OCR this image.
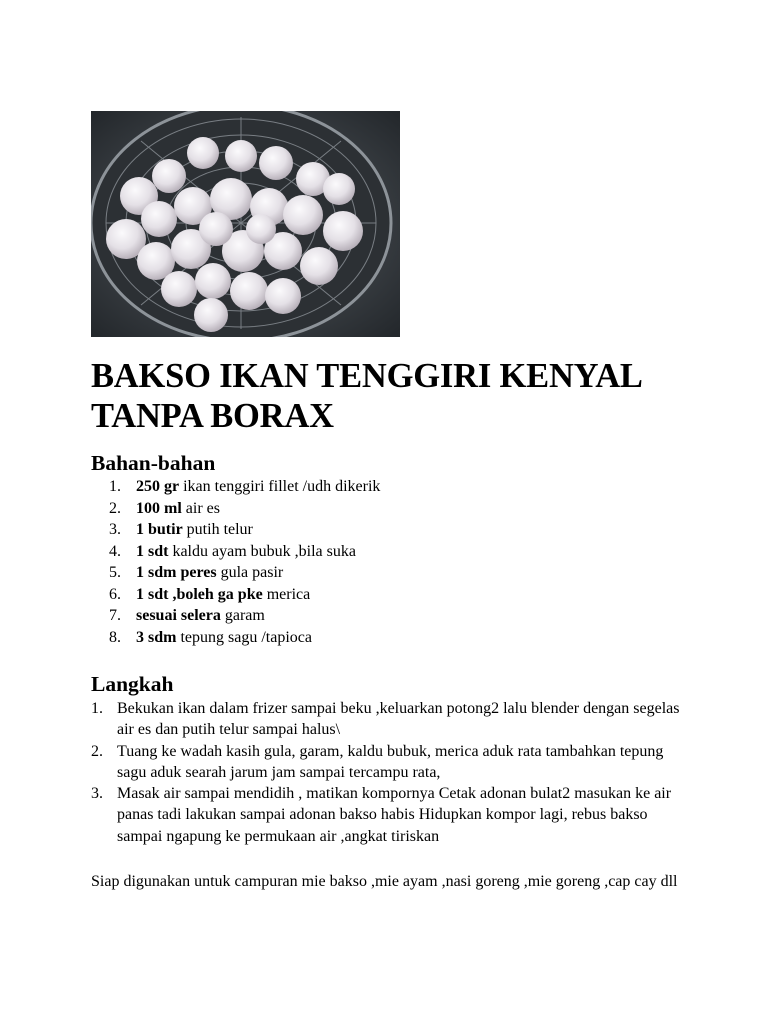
BAKSO IKAN TENGGIRI KENYAL TANPA BORAX
Bahan-bahan
1. 250 gr ikan tenggiri fillet /udh dikerik
2. 100 ml air es
3. 1 butir putih telur
4. 1 sdt kaldu ayam bubuk ,bila suka
5. 1 sdm peres gula pasir
6. 1 sdt ,boleh ga pke merica
7. sesuai selera garam
8. 3 sdm tepung sagu /tapioca
Langkah
1. Bekukan ikan dalam frizer sampai beku ,keluarkan potong2 lalu blender dengan segelas air es dan putih telur sampai halus\
2. Tuang ke wadah kasih gula, garam, kaldu bubuk, merica aduk rata tambahkan tepung sagu aduk searah jarum jam sampai tercampu rata,
3. Masak air sampai mendidih , matikan kompornya Cetak adonan bulat2 masukan ke air panas tadi lakukan sampai adonan bakso habis Hidupkan kompor lagi, rebus bakso sampai ngapung ke permukaan air ,angkat tiriskan

Siap digunakan untuk campuran mie bakso ,mie ayam ,nasi goreng ,mie goreng ,cap cay dll
